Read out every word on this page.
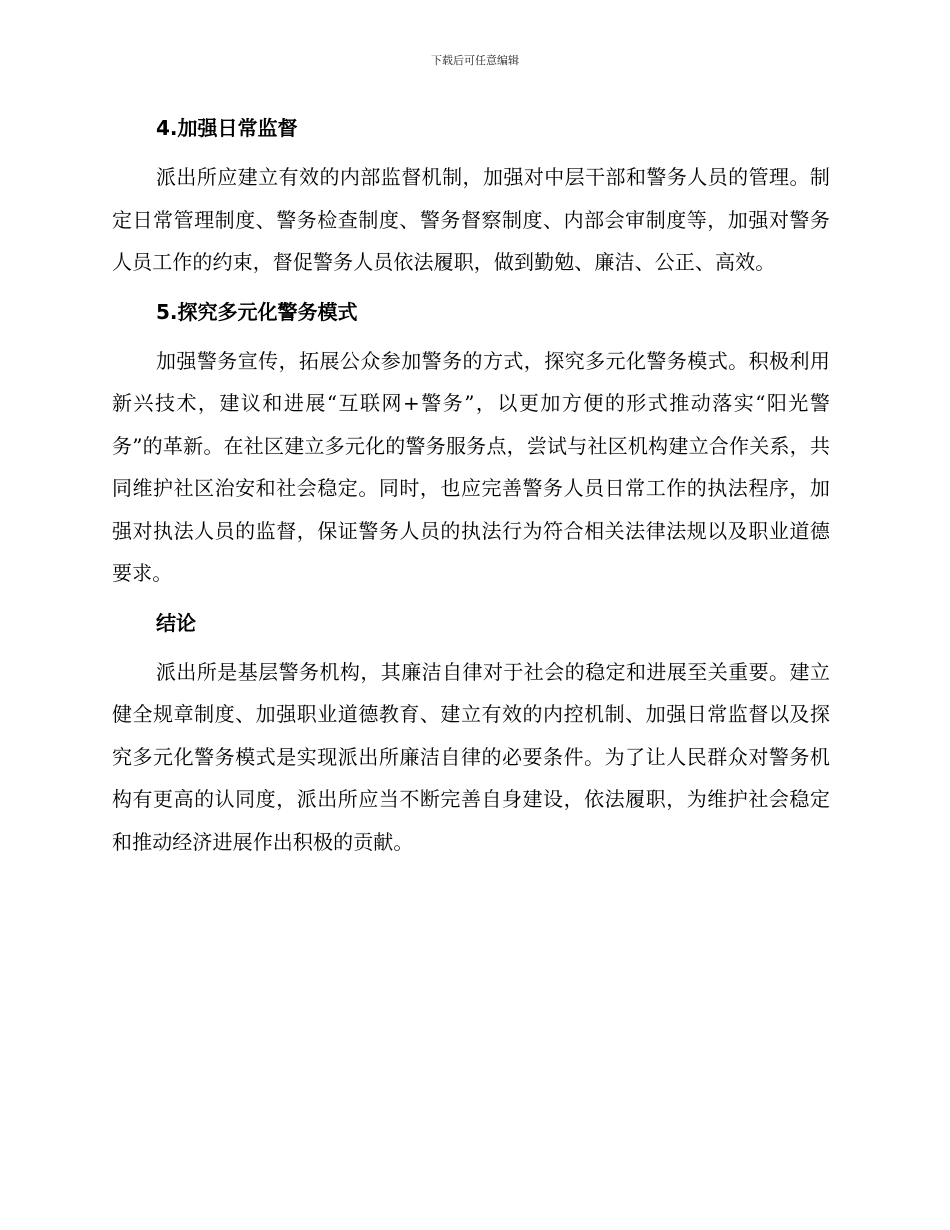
下载后可任意编辑
4.加强日常监督

派出所应建立有效的内部监督机制，加强对中层干部和警务人员的管理。制定日常管理制度、警务检查制度、警务督察制度、内部会审制度等，加强对警务人员工作的约束，督促警务人员依法履职，做到勤勉、廉洁、公正、高效。

5.探究多元化警务模式

加强警务宣传，拓展公众参加警务的方式，探究多元化警务模式。积极利用新兴技术，建议和进展“互联网+警务”，以更加方便的形式推动落实“阳光警务”的革新。在社区建立多元化的警务服务点，尝试与社区机构建立合作关系，共同维护社区治安和社会稳定。同时，也应完善警务人员日常工作的执法程序，加强对执法人员的监督，保证警务人员的执法行为符合相关法律法规以及职业道德要求。

结论

派出所是基层警务机构，其廉洁自律对于社会的稳定和进展至关重要。建立健全规章制度、加强职业道德教育、建立有效的内控机制、加强日常监督以及探究多元化警务模式是实现派出所廉洁自律的必要条件。为了让人民群众对警务机构有更高的认同度，派出所应当不断完善自身建设，依法履职，为维护社会稳定和推动经济进展作出积极的贡献。
